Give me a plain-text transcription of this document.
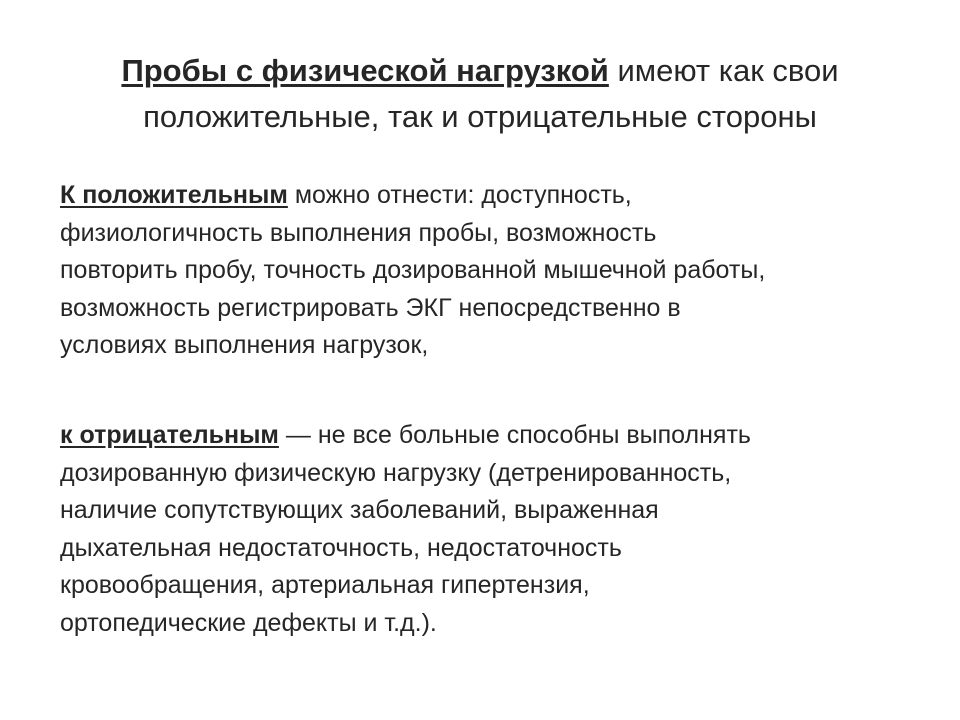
Пробы с физической нагрузкой имеют как свои
положительные, так и отрицательные стороны

К положительным можно отнести: доступность,
физиологичность выполнения пробы, возможность
повторить пробу, точность дозированной мышечной работы,
возможность регистрировать ЭКГ непосредственно в
условиях выполнения нагрузок,

к отрицательным — не все больные способны выполнять
дозированную физическую нагрузку (детренированность,
наличие сопутствующих заболеваний, выраженная
дыхательная недостаточность, недостаточность
кровообращения, артериальная гипертензия,
ортопедические дефекты и т.д.).
